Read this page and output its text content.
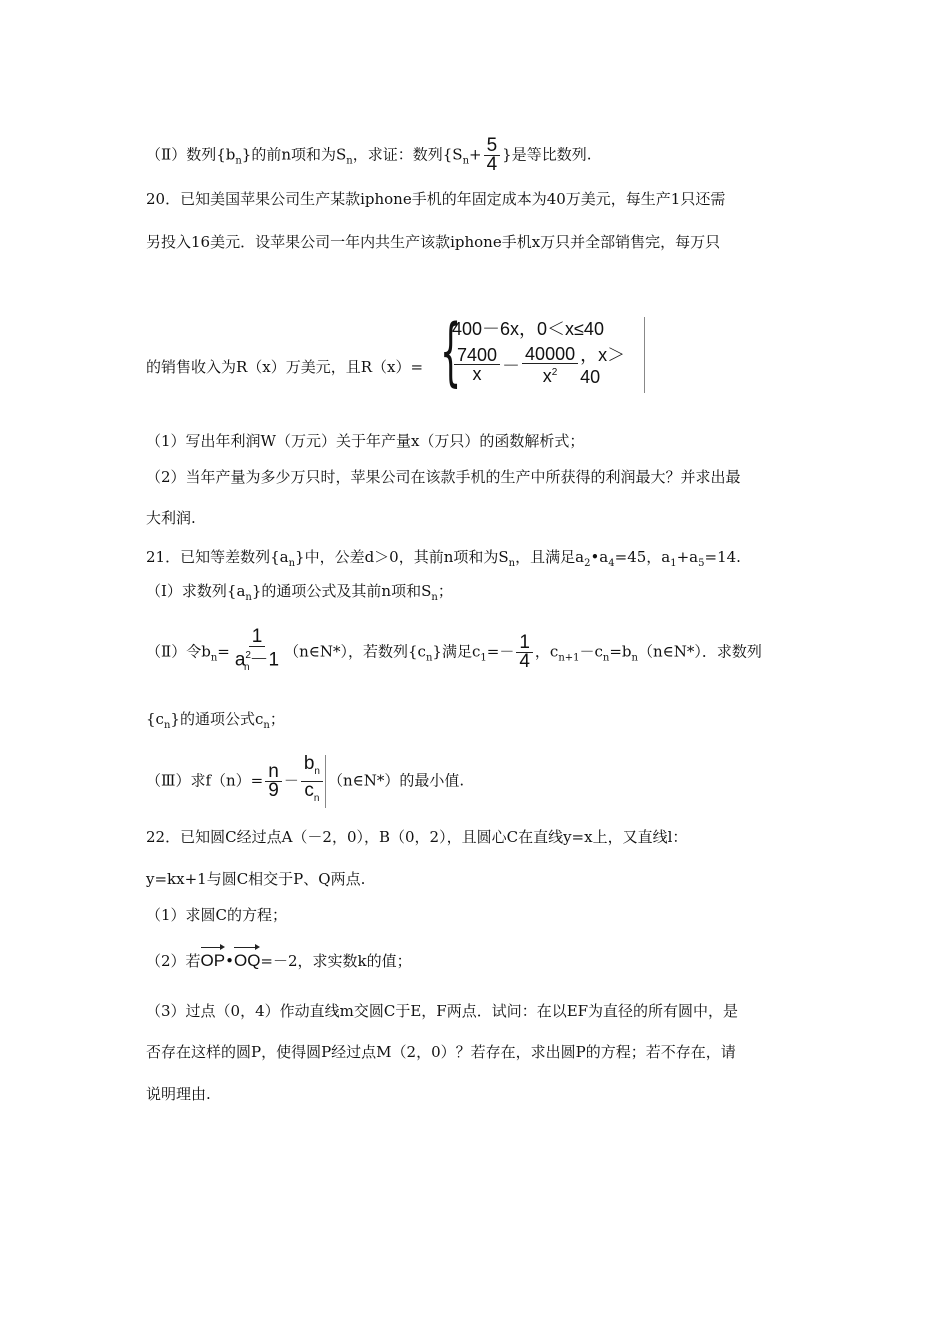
（Ⅱ）数列$\{b_n\}$的前n项和为$S_n$，求证：数列{$S_n+ \frac{5}{4}$ }是等比数列.
20．已知美国苹果公司生产某款iphone手机的年固定成本为40万美元，每生产1只还需
另投入16美元．设苹果公司一年内共生产该款iphone手机x万只并全部销售完，每万只
的销售收入为R（x）万美元，且R（x）= {
400－6x，0＜x≤40
$\frac{7400}{x} - \frac{40000}{x^2}$ ，x＞40
（1）写出年利润W（万元）关于年产量x（万只）的函数解析式；
（2）当年产量为多少万只时，苹果公司在该款手机的生产中所获得的利润最大？并求出最
大利润.
21．已知等差数列$\{a_n\}$中，公差d＞0，其前n项和为$S_n$，且满足$a_2•a_4=45$，$a_1+a_5=14$.
（Ⅰ）求数列$\{a_n\}$的通项公式及其前n项和$S_n$；
（Ⅱ）令$b_n= \frac{1}{a^2_n-1}$ （n∈N*），若数列$\{c_n\}$满足$c_1=- \frac{1}{4}$ ，$c_{n+1}-c_n=b_n(n\in N*)$．求数列
$\{c_n\}$的通项公式$c_n$；
（Ⅲ）求$f(n)= \frac{n}{9} - \frac{b_n}{c_n}$ （n∈N*）的最小值.
22．已知圆C经过点A（－2，0），B（0，2），且圆心C在直线y=x上，又直线l：
y=kx+1与圆C相交于P、Q两点.
（1）求圆C的方程；
（2）若OP•OQ=－2，求实数k的值；
（3）过点（0，4）作动直线m交圆C于E，F两点．试问：在以EF为直径的所有圆中，是
否存在这样的圆P，使得圆P经过点M（2，0）？若存在，求出圆P的方程；若不存在，请
说明理由.
